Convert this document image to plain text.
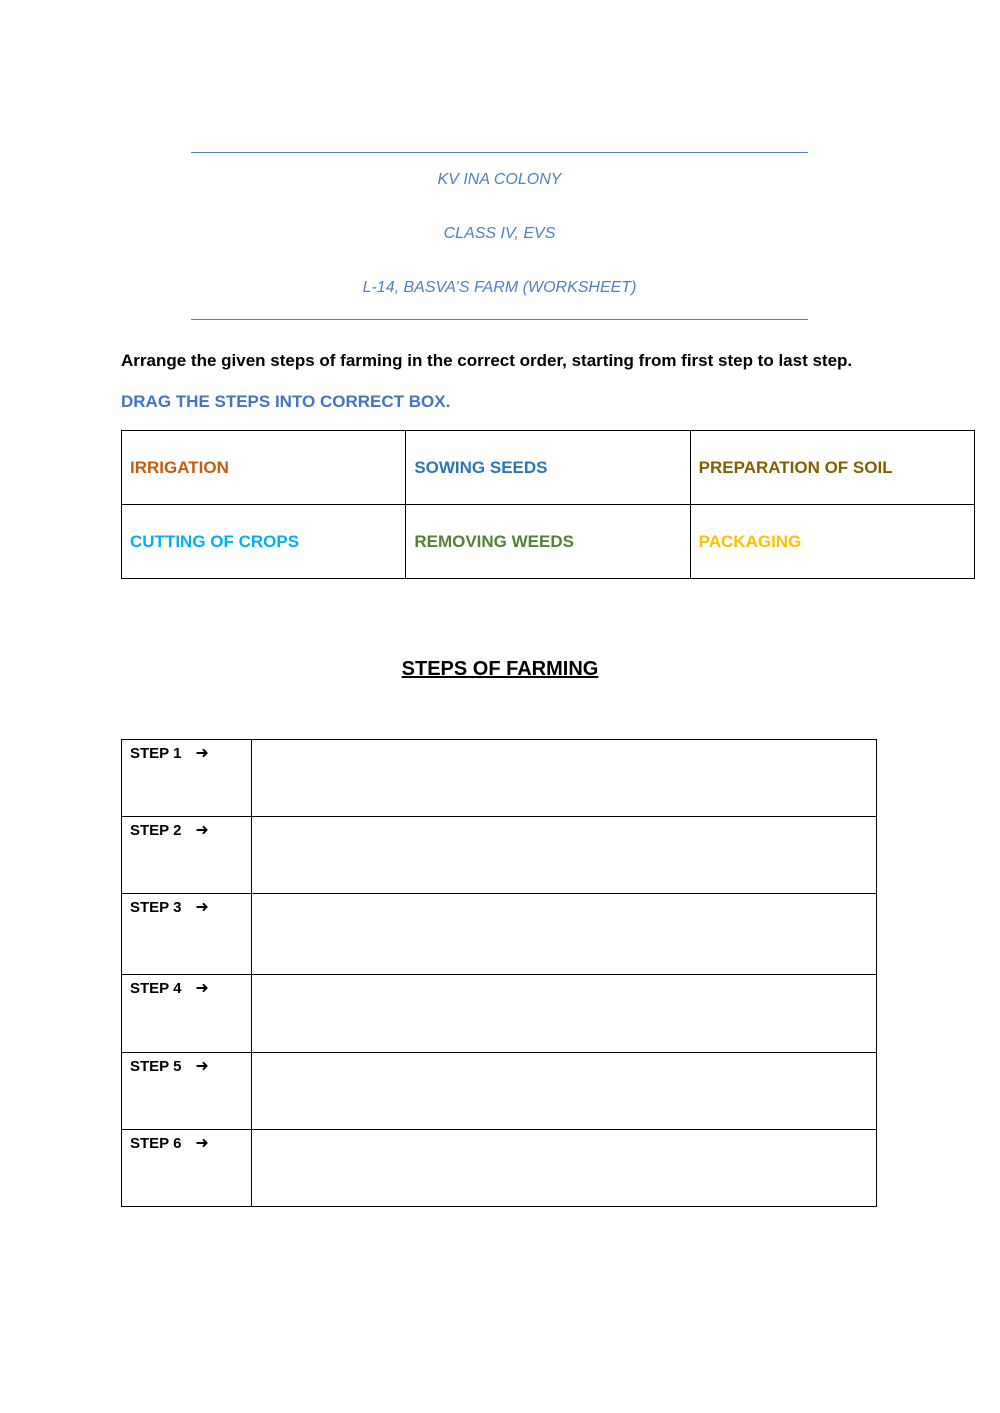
KV INA COLONY
CLASS IV, EVS
L-14, BASVA’S FARM (WORKSHEET)
Arrange the given steps of farming in the correct order, starting from first step to last step.
DRAG THE STEPS INTO CORRECT BOX.
IRRIGATION	SOWING SEEDS	PREPARATION OF SOIL
CUTTING OF CROPS	REMOVING WEEDS	PACKAGING
STEPS OF FARMING
STEP 1 ➜	
STEP 2 ➜	
STEP 3 ➜	
STEP 4 ➜	
STEP 5 ➜	
STEP 6 ➜	
